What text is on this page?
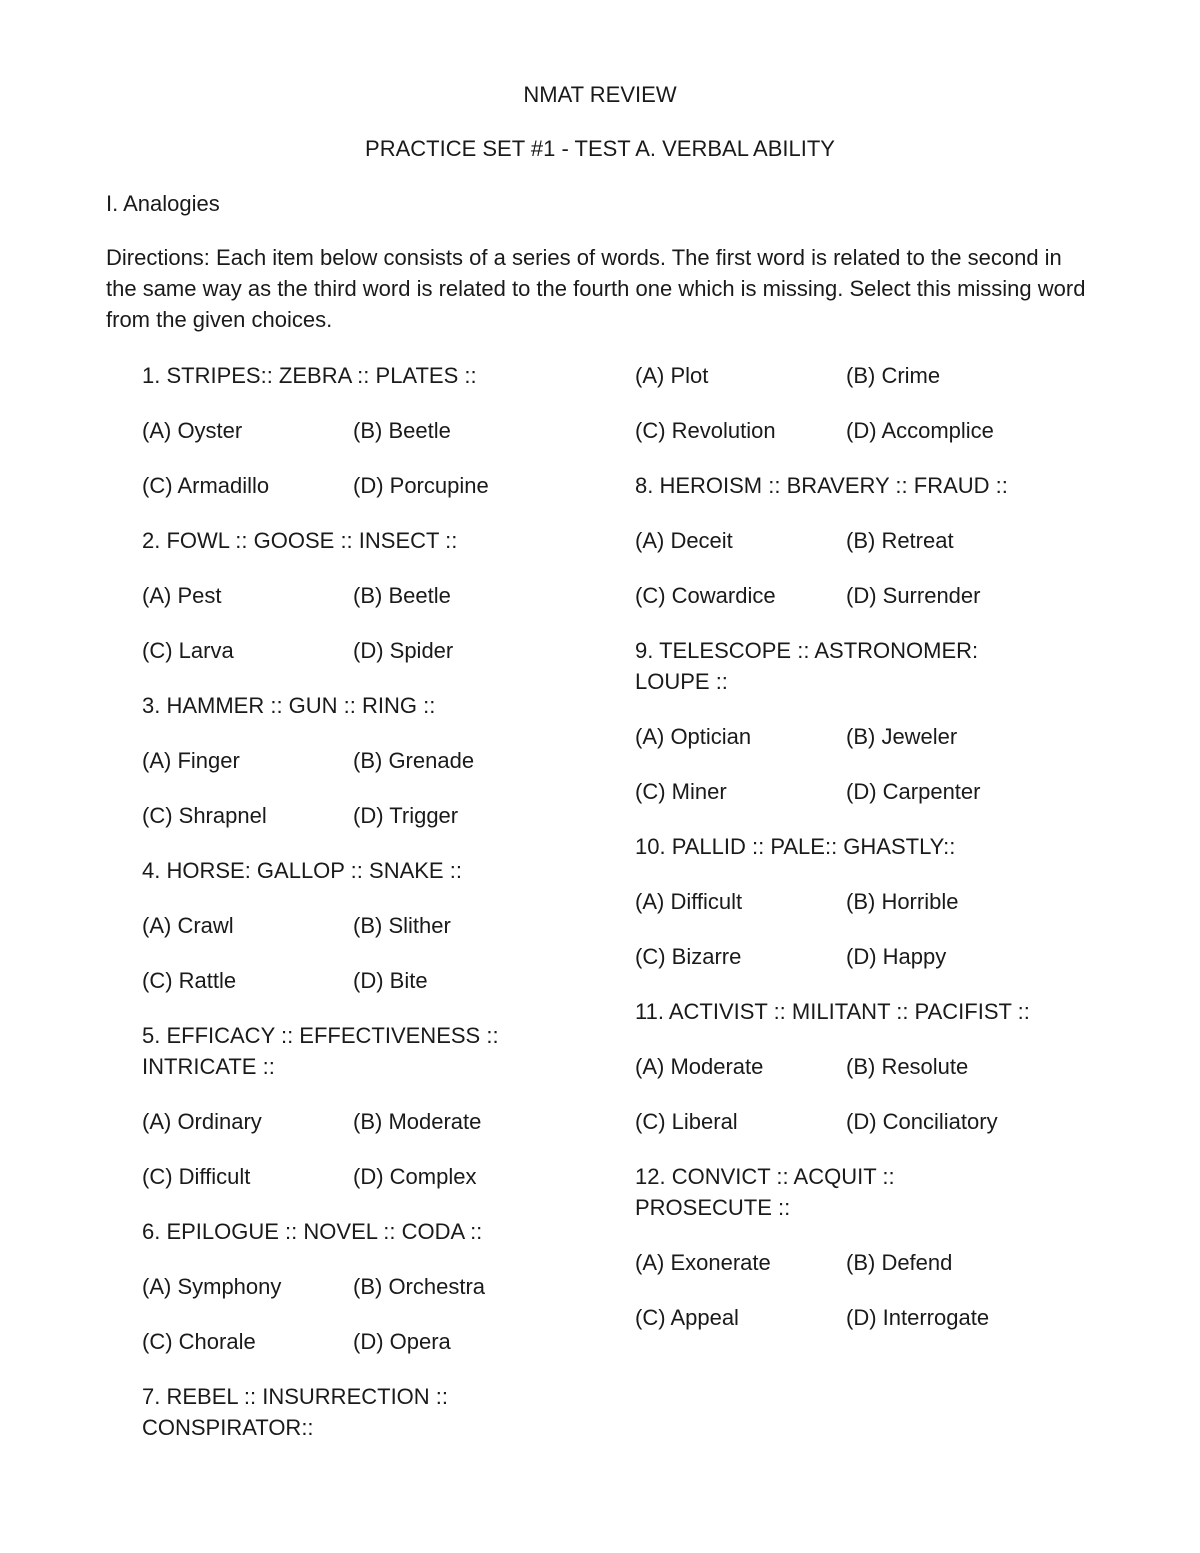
NMAT REVIEW
PRACTICE SET #1 - TEST A. VERBAL ABILITY
I. Analogies
Directions: Each item below consists of a series of words. The first word is related to the second in the same way as the third word is related to the fourth one which is missing. Select this missing word from the given choices.
1. STRIPES:: ZEBRA :: PLATES ::
(A) Oyster	(B) Beetle
(C) Armadillo	(D) Porcupine
2. FOWL :: GOOSE :: INSECT ::
(A) Pest	(B) Beetle
(C) Larva	(D) Spider
3. HAMMER :: GUN :: RING ::
(A) Finger	(B) Grenade
(C) Shrapnel	(D) Trigger
4. HORSE: GALLOP :: SNAKE ::
(A) Crawl	(B) Slither
(C) Rattle	(D) Bite
5. EFFICACY :: EFFECTIVENESS ::
INTRICATE ::
(A) Ordinary	(B) Moderate
(C) Difficult	(D) Complex
6. EPILOGUE :: NOVEL :: CODA ::
(A) Symphony	(B) Orchestra
(C) Chorale	(D) Opera
7. REBEL :: INSURRECTION ::
CONSPIRATOR::
(A) Plot	(B) Crime
(C) Revolution	(D) Accomplice
8. HEROISM :: BRAVERY :: FRAUD ::
(A) Deceit	(B) Retreat
(C) Cowardice	(D) Surrender
9. TELESCOPE :: ASTRONOMER:
LOUPE ::
(A) Optician	(B) Jeweler
(C) Miner	(D) Carpenter
10. PALLID :: PALE:: GHASTLY::
(A) Difficult	(B) Horrible
(C) Bizarre	(D) Happy
11. ACTIVIST :: MILITANT :: PACIFIST ::
(A) Moderate	(B) Resolute
(C) Liberal	(D) Conciliatory
12. CONVICT :: ACQUIT ::
PROSECUTE ::
(A) Exonerate	(B) Defend
(C) Appeal	(D) Interrogate
